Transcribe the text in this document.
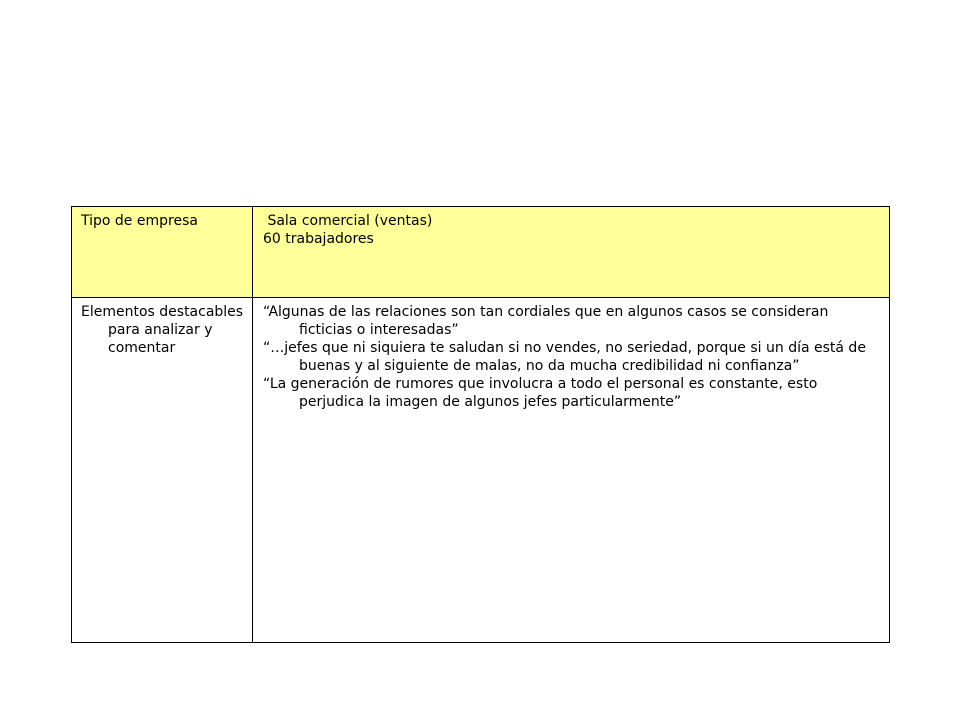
Tipo de empresa	Sala comercial (ventas)
60 trabajadores

Elementos destacables para analizar y comentar	“Algunas de las relaciones son tan cordiales que en algunos casos se consideran ficticias o interesadas”
“…jefes que ni siquiera te saludan si no vendes, no seriedad, porque si un día está de buenas y al siguiente de malas, no da mucha credibilidad ni confianza”
“La generación de rumores que involucra a todo el personal es constante, esto perjudica la imagen de algunos jefes particularmente”
